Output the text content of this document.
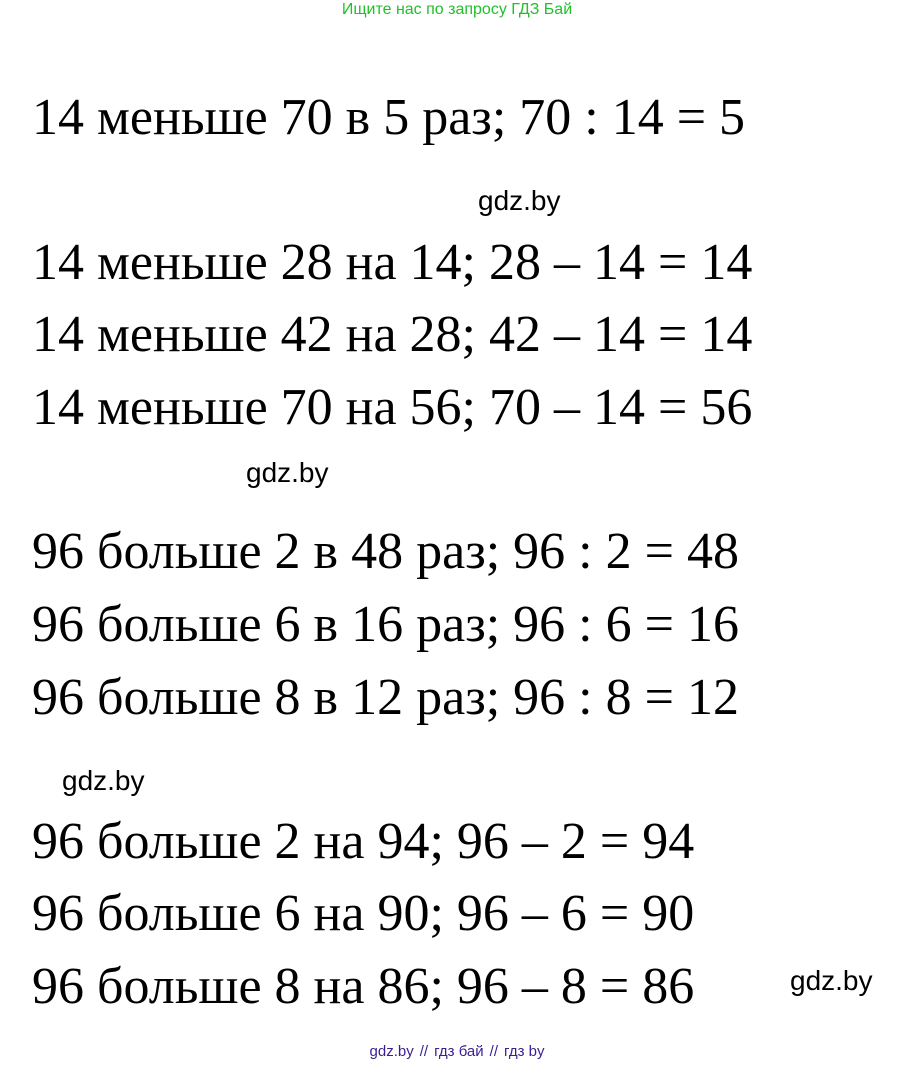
Ищите нас по запросу ГДЗ Бай
14 меньше 70 в 5 раз; 70 : 14 = 5
gdz.by
14 меньше 28 на 14; 28 – 14 = 14
14 меньше 42 на 28; 42 – 14 = 14
14 меньше 70 на 56; 70 – 14 = 56
gdz.by
96 больше 2 в 48 раз; 96 : 2 = 48
96 больше 6 в 16 раз; 96 : 6 = 16
96 больше 8 в 12 раз; 96 : 8 = 12
gdz.by
96 больше 2 на 94; 96 – 2 = 94
96 больше 6 на 90; 96 – 6 = 90
96 больше 8 на 86; 96 – 8 = 86	gdz.by
gdz.by // гдз бай // гдз by
